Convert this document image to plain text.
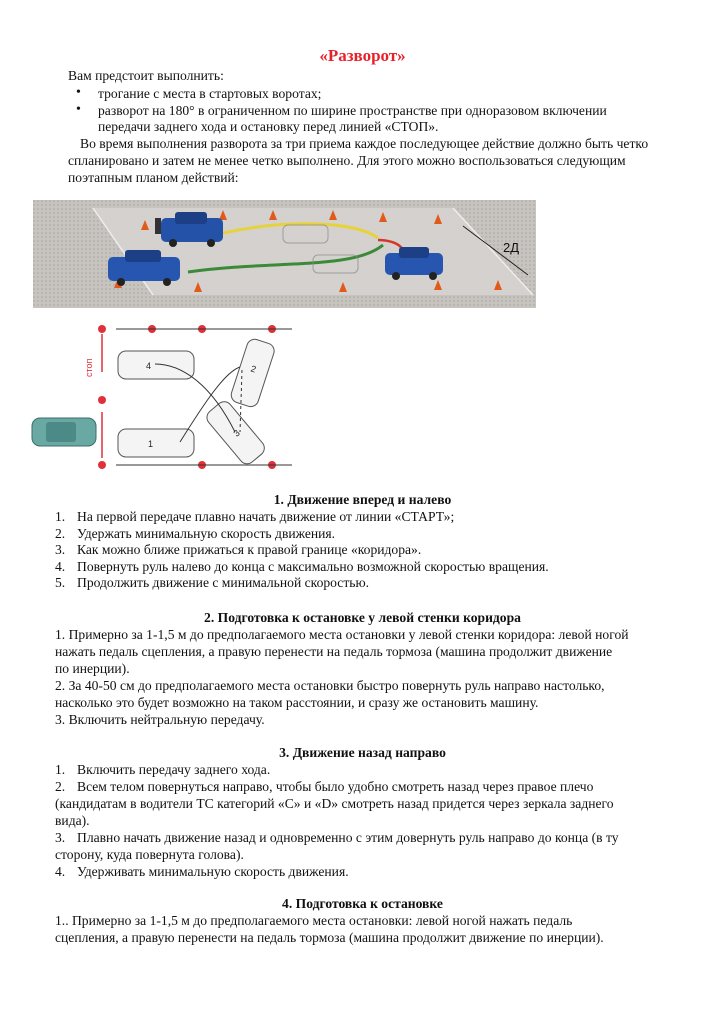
«Разворот»
Вам предстоит выполнить:
• трогание с места в стартовых воротах;
• разворот на 180° в ограниченном по ширине пространстве при одноразовом включении
передачи заднего хода и остановку перед линией «СТОП».
Во время выполнения разворота за три приема каждое последующее действие должно быть четко
спланировано и затем не менее четко выполнено. Для этого можно воспользоваться следующим
поэтапным планом действий:
2Д
стоп
1
2
3
4
1. Движение вперед и налево
1. На первой передаче плавно начать движение от линии «СТАРТ»;
2. Удержать минимальную скорость движения.
3. Как можно ближе прижаться к правой границе «коридора».
4. Повернуть руль налево до конца с максимально возможной скоростью вращения.
5. Продолжить движение с минимальной скоростью.
2. Подготовка к остановке у левой стенки коридора
1. Примерно за 1-1,5 м до предполагаемого места остановки у левой стенки коридора: левой ногой
нажать педаль сцепления, а правую перенести на педаль тормоза (машина продолжит движение
по инерции).
2. За 40-50 см до предполагаемого места остановки быстро повернуть руль направо настолько,
насколько это будет возможно на таком расстоянии, и сразу же остановить машину.
3. Включить нейтральную передачу.
3. Движение назад направо
1. Включить передачу заднего хода.
2. Всем телом повернуться направо, чтобы было удобно смотреть назад через правое плечо
(кандидатам в водители ТС категорий «С» и «D» смотреть назад придется через зеркала заднего
вида).
3. Плавно начать движение назад и одновременно с этим довернуть руль направо до конца (в ту
сторону, куда повернута голова).
4. Удерживать минимальную скорость движения.
4. Подготовка к остановке
1.. Примерно за 1-1,5 м до предполагаемого места остановки: левой ногой нажать педаль
сцепления, а правую перенести на педаль тормоза (машина продолжит движение по инерции).
